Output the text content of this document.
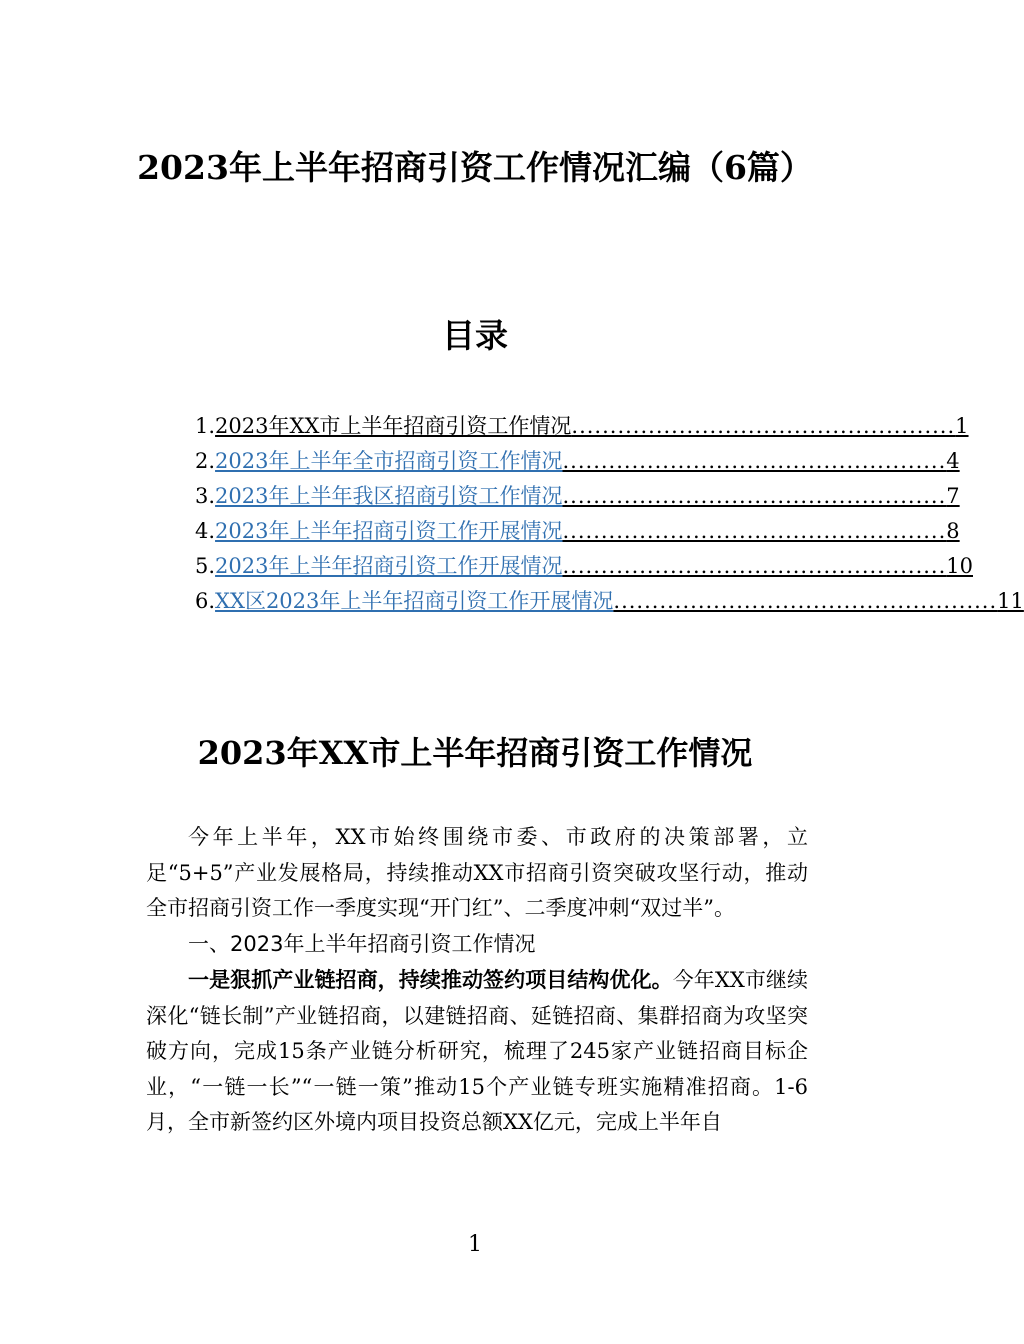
2023年上半年招商引资工作情况汇编（6篇）
目录
1. 2023年XX市上半年招商引资工作情况 .................................................. 1
2. 2023年上半年全市招商引资工作情况 .................................................. 4
3. 2023年上半年我区招商引资工作情况 .................................................. 7
4. 2023年上半年招商引资工作开展情况 .................................................. 8
5. 2023年上半年招商引资工作开展情况 .................................................. 10
6. XX区2023年上半年招商引资工作开展情况 .................................................. 11
2023年XX市上半年招商引资工作情况

今年上半年，XX市始终围绕市委、市政府的决策部署，立足“5+5”产业发展格局，持续推动XX市招商引资突破攻坚行动，推动全市招商引资工作一季度实现“开门红”、二季度冲刺“双过半”。

一、2023年上半年招商引资工作情况

一是狠抓产业链招商，持续推动签约项目结构优化。今年XX市继续深化“链长制”产业链招商，以建链招商、延链招商、集群招商为攻坚突破方向，完成15条产业链分析研究，梳理了245家产业链招商目标企业，“一链一长”“一链一策”推动15个产业链专班实施精准招商。1-6月，全市新签约区外境内项目投资总额XX亿元，完成上半年自

1
